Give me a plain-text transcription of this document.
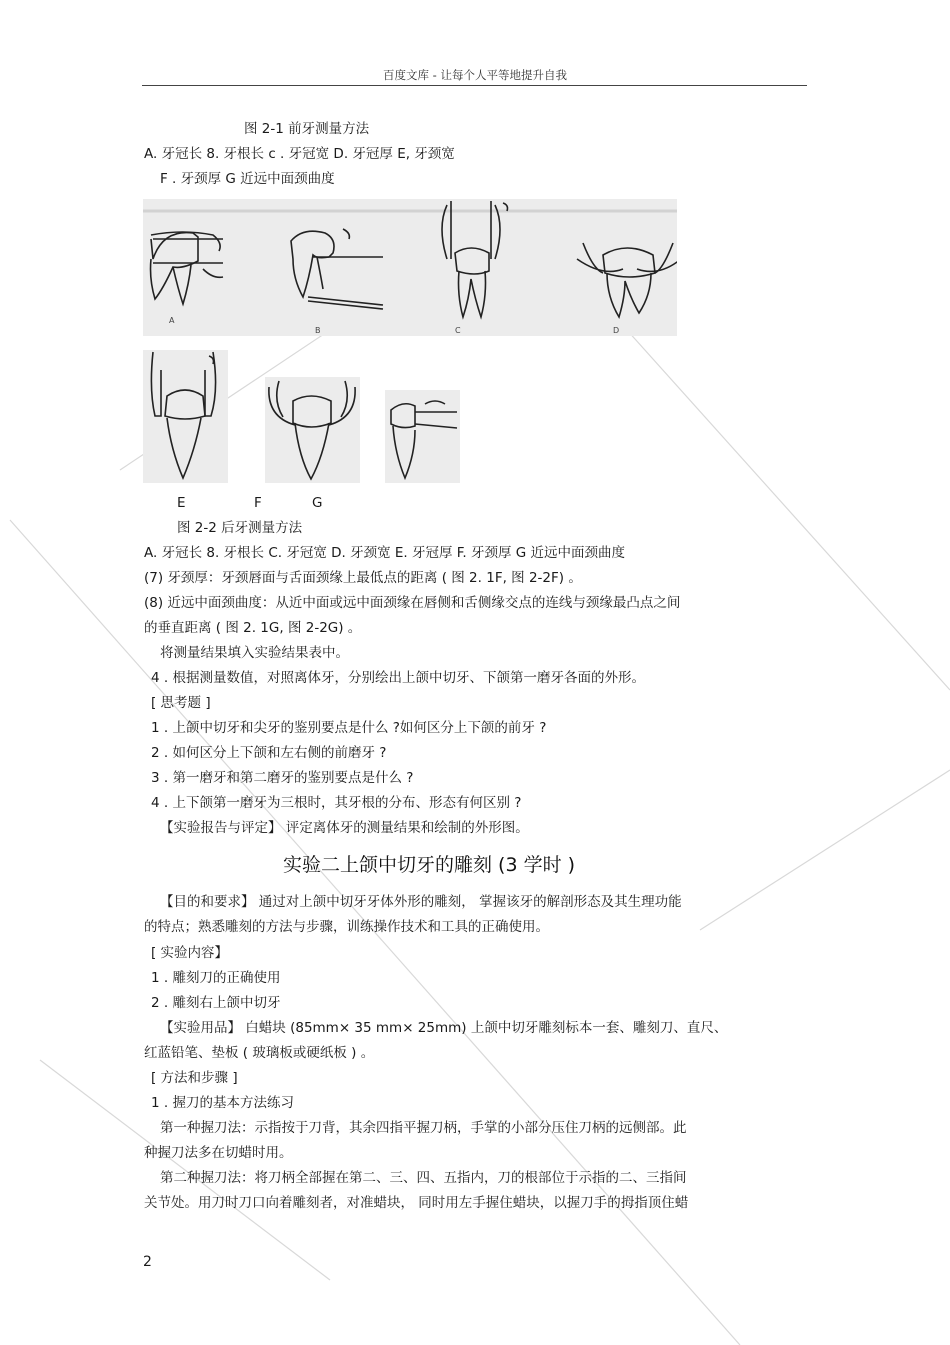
百度文库 - 让每个人平等地提升自我
图 2-1 前牙测量方法
A. 牙冠长 8. 牙根长 c . 牙冠宽 D. 牙冠厚 E, 牙颈宽
F . 牙颈厚 G 近远中面颈曲度
A
B	C	D
E	F	G
图 2-2 后牙测量方法
A. 牙冠长 8. 牙根长 C. 牙冠宽 D. 牙颈宽 E. 牙冠厚 F. 牙颈厚 G 近远中面颈曲度
(7) 牙颈厚：牙颈唇面与舌面颈缘上最低点的距离 ( 图 2. 1F, 图 2-2F) 。
(8) 近远中面颈曲度：从近中面或远中面颈缘在唇侧和舌侧缘交点的连线与颈缘最凸点之间
的垂直距离 ( 图 2. 1G, 图 2-2G) 。
将测量结果填入实验结果表中。
4 . 根据测量数值，对照离体牙，分别绘出上颌中切牙、下颌第一磨牙各面的外形。
[ 思考题 ]
1 . 上颌中切牙和尖牙的鉴别要点是什么 ?如何区分上下颌的前牙 ?
2 . 如何区分上下颌和左右侧的前磨牙 ?
3 . 第一磨牙和第二磨牙的鉴别要点是什么 ?
4 . 上下颌第一磨牙为三根时，其牙根的分布、形态有何区别 ?
【实验报告与评定】 评定离体牙的测量结果和绘制的外形图。
实验二上颌中切牙的雕刻 (3 学时 )
【目的和要求】 通过对上颌中切牙牙体外形的雕刻， 掌握该牙的解剖形态及其生理功能
的特点；熟悉雕刻的方法与步骤，训练操作技术和工具的正确使用。
[ 实验内容】
1 . 雕刻刀的正确使用
2 . 雕刻右上颌中切牙
【实验用品】 白蜡块 (85mm× 35 mm× 25mm) 上颌中切牙雕刻标本一套、雕刻刀、直尺、
红蓝铅笔、垫板 ( 玻璃板或硬纸板 ) 。
[ 方法和步骤 ]
1 . 握刀的基本方法练习
第一种握刀法：示指按于刀背，其余四指平握刀柄，手掌的小部分压住刀柄的远侧部。此
种握刀法多在切蜡时用。
第二种握刀法：将刀柄全部握在第二、三、四、五指内，刀的根部位于示指的二、三指间
关节处。用刀时刀口向着雕刻者，对准蜡块， 同时用左手握住蜡块，以握刀手的拇指顶住蜡
2
